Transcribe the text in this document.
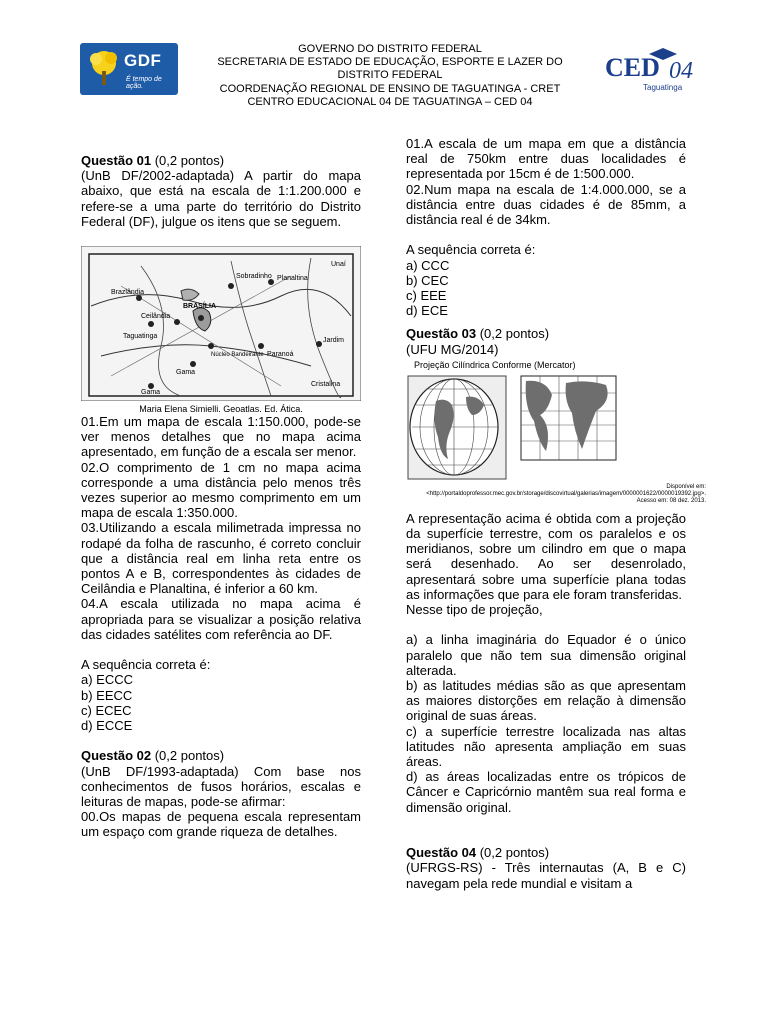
GDF
É tempo de ação.
GOVERNO DO DISTRITO FEDERAL
SECRETARIA DE ESTADO DE EDUCAÇÃO, ESPORTE E LAZER DO
DISTRITO FEDERAL
COORDENAÇÃO REGIONAL DE ENSINO DE TAGUATINGA - CRET
CENTRO EDUCACIONAL 04 DE TAGUATINGA – CED 04
CED 04
Taguatinga

Questão 01 (0,2 pontos)

(UnB DF/2002-adaptada) A partir do mapa abaixo, que está na escala de 1:1.200.000 e refere-se a uma parte do território do Distrito Federal (DF), julgue os itens que se seguem.

Sobradinho Planaltina
Brazlândia
Taguatinga
BRASÍLIA
Ceilândia
Gama
Paranoá
Jardim
Núcleo Bandeirante
Cristalina
Gama
Unaí
Maria Elena Simielli. Geoatlas. Ed. Ática.

01.Em um mapa de escala 1:150.000, pode-se ver menos detalhes que no mapa acima apresentado, em função de a escala ser menor.

02.O comprimento de 1 cm no mapa acima corresponde a uma distância pelo menos três vezes superior ao mesmo comprimento em um mapa de escala 1:350.000.

03.Utilizando a escala milimetrada impressa no rodapé da folha de rascunho, é correto concluir que a distância real em linha reta entre os pontos A e B, correspondentes às cidades de Ceilândia e Planaltina, é inferior a 60 km.

04.A escala utilizada no mapa acima é apropriada para se visualizar a posição relativa das cidades satélites com referência ao DF.

A sequência correta é:

a) ECCC

b) EECC

c) ECEC

d) ECCE

Questão 02 (0,2 pontos)

(UnB DF/1993-adaptada) Com base nos conhecimentos de fusos horários, escalas e leituras de mapas, pode-se afirmar:

00.Os mapas de pequena escala representam um espaço com grande riqueza de detalhes.

01.A escala de um mapa em que a distância real de 750km entre duas localidades é representada por 15cm é de 1:500.000.

02.Num mapa na escala de 1:4.000.000, se a distância entre duas cidades é de 85mm, a distância real é de 34km.

A sequência correta é:

a) CCC

b) CEC

c) EEE

d) ECE

Questão 03 (0,2 pontos)

(UFU MG/2014)

Projeção Cilíndrica Conforme (Mercator)
Disponível em: <http://portaldoprofessor.mec.gov.br/storage/discovirtual/galerias/imagem/0000001622/0000019392.jpg>. Acesso em: 08 dez. 2013.

A representação acima é obtida com a projeção da superfície terrestre, com os paralelos e os meridianos, sobre um cilindro em que o mapa será desenhado. Ao ser desenrolado, apresentará sobre uma superfície plana todas as informações que para ele foram transferidas.

Nesse tipo de projeção,

a) a linha imaginária do Equador é o único paralelo que não tem sua dimensão original alterada.

b) as latitudes médias são as que apresentam as maiores distorções em relação à dimensão original de suas áreas.

c) a superfície terrestre localizada nas altas latitudes não apresenta ampliação em suas áreas.

d) as áreas localizadas entre os trópicos de Câncer e Capricórnio mantêm sua real forma e dimensão original.

Questão 04 (0,2 pontos)

(UFRGS-RS) - Três internautas (A, B e C) navegam pela rede mundial e visitam a
